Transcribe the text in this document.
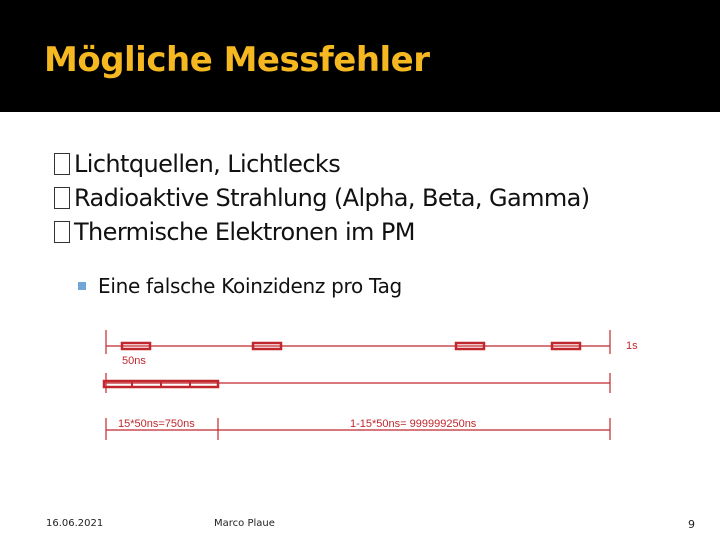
Mögliche Messfehler
Lichtquellen, Lichtlecks
Radioaktive Strahlung (Alpha, Beta, Gamma)
Thermische Elektronen im PM
Eine falsche Koinzidenz pro Tag
1s
50ns
15*50ns=750ns	1-15*50ns= 999999250ns
16.06.2021	Marco Plaue	9
